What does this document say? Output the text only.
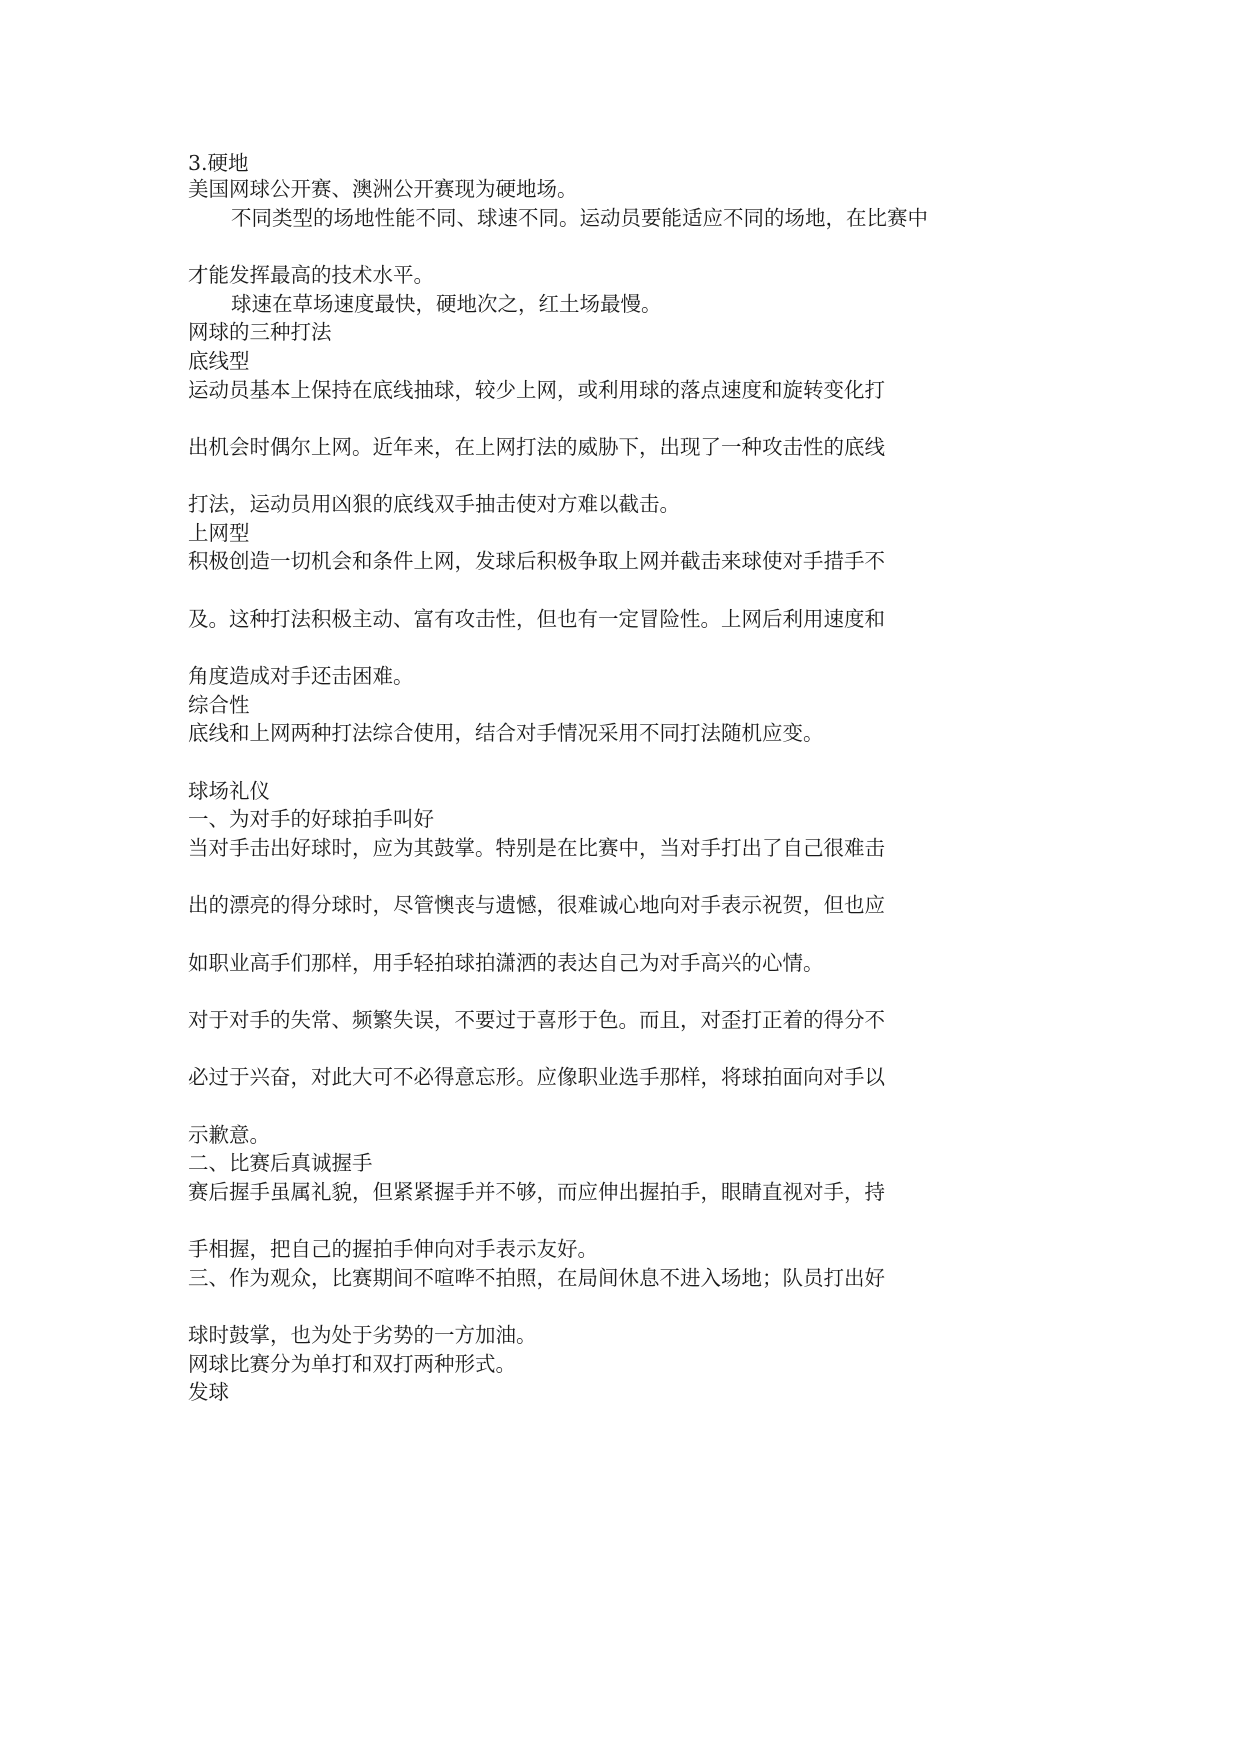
3.硬地
美国网球公开赛、澳洲公开赛现为硬地场。
不同类型的场地性能不同、球速不同。运动员要能适应不同的场地，在比赛中
才能发挥最高的技术水平。
球速在草场速度最快，硬地次之，红土场最慢。
网球的三种打法
底线型
运动员基本上保持在底线抽球，较少上网，或利用球的落点速度和旋转变化打
出机会时偶尔上网。近年来，在上网打法的威胁下，出现了一种攻击性的底线
打法，运动员用凶狠的底线双手抽击使对方难以截击。
上网型
积极创造一切机会和条件上网，发球后积极争取上网并截击来球使对手措手不
及。这种打法积极主动、富有攻击性，但也有一定冒险性。上网后利用速度和
角度造成对手还击困难。
综合性
底线和上网两种打法综合使用，结合对手情况采用不同打法随机应变。
球场礼仪
一、为对手的好球拍手叫好
当对手击出好球时，应为其鼓掌。特别是在比赛中，当对手打出了自己很难击
出的漂亮的得分球时，尽管懊丧与遗憾，很难诚心地向对手表示祝贺，但也应
如职业高手们那样，用手轻拍球拍潇洒的表达自己为对手高兴的心情。
对于对手的失常、频繁失误，不要过于喜形于色。而且，对歪打正着的得分不
必过于兴奋，对此大可不必得意忘形。应像职业选手那样，将球拍面向对手以
示歉意。
二、比赛后真诚握手
赛后握手虽属礼貌，但紧紧握手并不够，而应伸出握拍手，眼睛直视对手，持
手相握，把自己的握拍手伸向对手表示友好。
三、作为观众，比赛期间不喧哗不拍照，在局间休息不进入场地；队员打出好
球时鼓掌，也为处于劣势的一方加油。
网球比赛分为单打和双打两种形式。
发球
